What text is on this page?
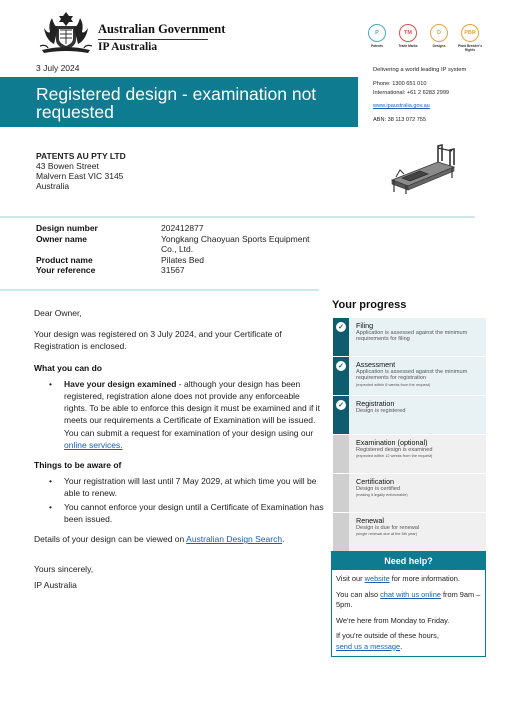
Australian Government
IP Australia
P
Patents
TM
Trade Marks
D
Designs
PBR
Plant Breeder's Rights
3 July 2024	Delivering a world leading IP system
Phone: 1300 651 010
International: +61 2 6283 2999
www.ipaustralia.gov.au
ABN: 38 113 072 755
Registered design - examination not requested
PATENTS AU PTY LTD
43 Bowen Street
Malvern East VIC 3145
Australia
Design number	202412877
Owner name	Yongkang Chaoyuan Sports Equipment Co., Ltd.
Product name	Pilates Bed
Your reference	31567
Dear Owner,
Your design was registered on 3 July 2024, and your Certificate of Registration is enclosed.
What you can do
• Have your design examined - although your design has been registered, registration alone does not provide any enforceable rights. To be able to enforce this design it must be examined and if it meets our requirements a Certificate of Examination will be issued. You can submit a request for examination of your design using our online services.
Things to be aware of
• Your registration will last until 7 May 2029, at which time you will be able to renew.
• You cannot enforce your design until a Certificate of Examination has been issued.
Details of your design can be viewed on Australian Design Search.
Yours sincerely,
IP Australia
Your progress
✓ Filing
Application is assessed against the minimum requirements for filing
✓ Assessment
Application is assessed against the minimum requirements for registration
(expected within 8 weeks from the request)
✓ Registration
Design is registered
Examination (optional)
Registered design is examined
(expected within 12 weeks from the request)
Certification
Design is certified
(making it legally enforceable)
Renewal
Design is due for renewal
(single renewal due at the 5th year)
Need help?
Visit our website for more information.
You can also chat with us online from 9am – 5pm.
We're here from Monday to Friday.
If you're outside of these hours,
send us a message.
